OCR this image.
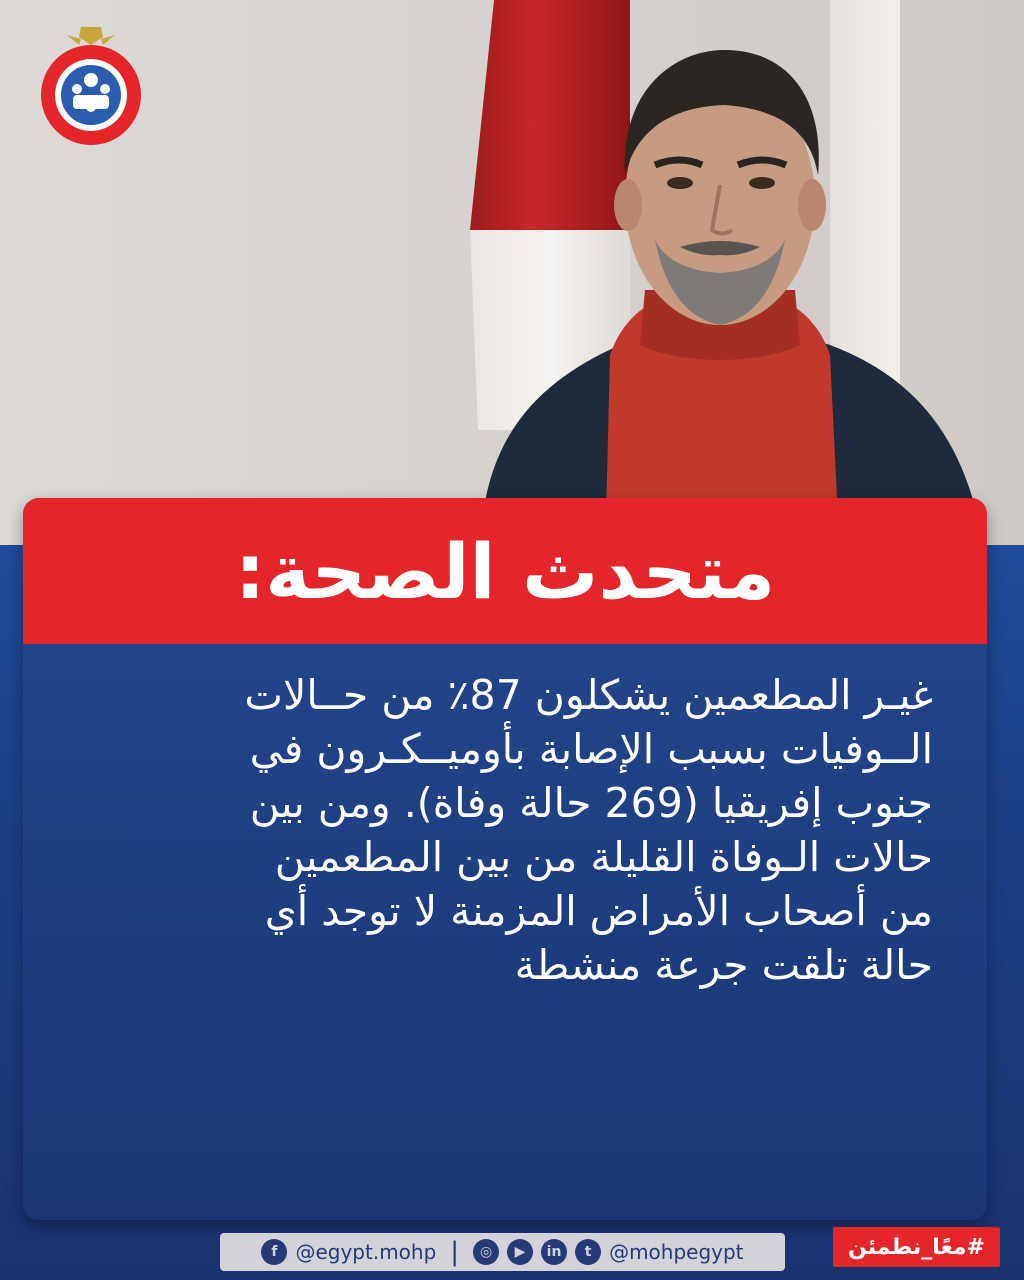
متحدث الصحة:

غيـر المطعمين يشكلون 87٪ من حــالات

الــوفيات بسبب الإصابة بأوميــكـرون في

جنوب إفريقيا (269 حالة وفاة). ومن بين

حالات الـوفاة القليلة من بين المطعمين

من أصحاب الأمراض المزمنة لا توجد أي

حالة تلقت جرعة منشطة

f @egypt.mohp |	◎	▶	in	t @mohpegypt	#معًا_نطمئن
